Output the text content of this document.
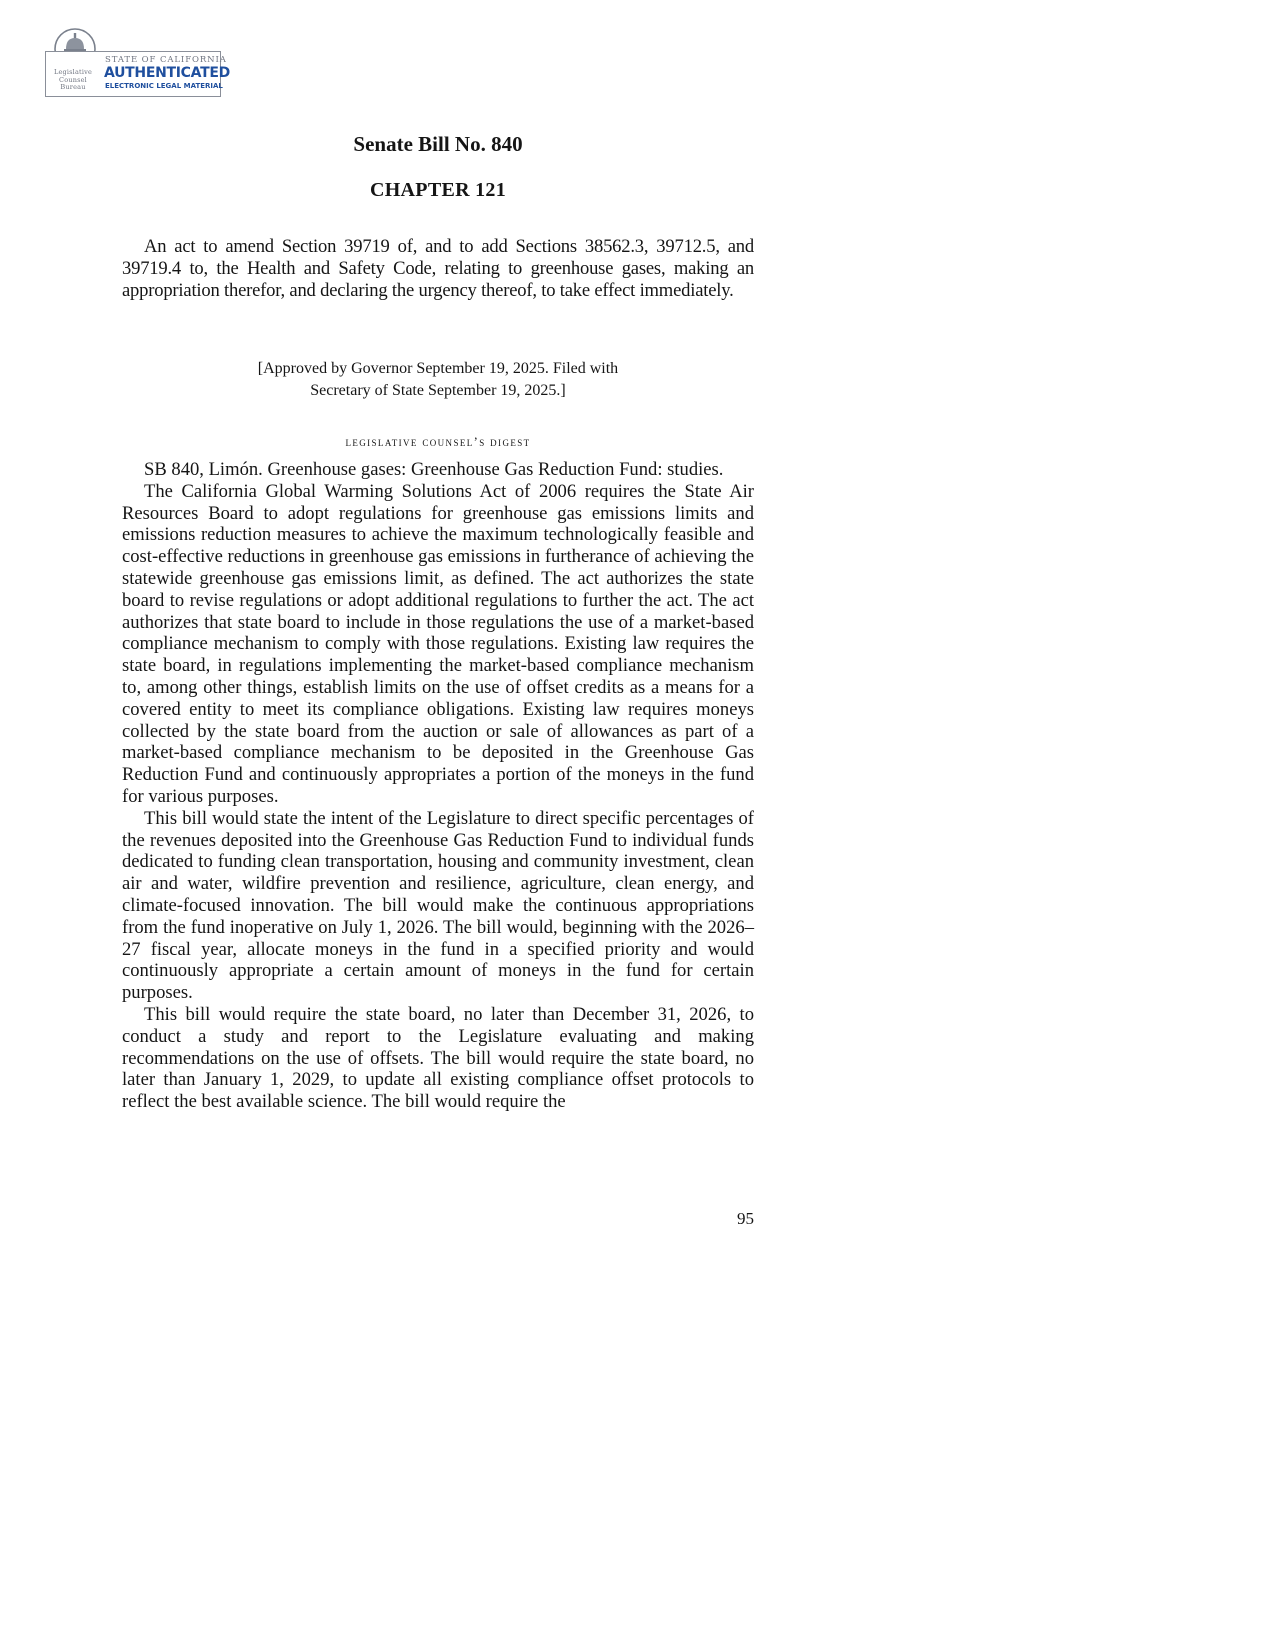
Legislative Counsel Bureau
STATE OF CALIFORNIA
AUTHENTICATED
ELECTRONIC LEGAL MATERIAL
Senate Bill No. 840
CHAPTER 121

An act to amend Section 39719 of, and to add Sections 38562.3, 39712.5, and 39719.4 to, the Health and Safety Code, relating to greenhouse gases, making an appropriation therefor, and declaring the urgency thereof, to take effect immediately.

[Approved by Governor September 19, 2025. Filed with
Secretary of State September 19, 2025.]
legislative counsel’s digest

SB 840, Limón. Greenhouse gases: Greenhouse Gas Reduction Fund: studies.

The California Global Warming Solutions Act of 2006 requires the State Air Resources Board to adopt regulations for greenhouse gas emissions limits and emissions reduction measures to achieve the maximum technologically feasible and cost-effective reductions in greenhouse gas emissions in furtherance of achieving the statewide greenhouse gas emissions limit, as defined. The act authorizes the state board to revise regulations or adopt additional regulations to further the act. The act authorizes that state board to include in those regulations the use of a market-based compliance mechanism to comply with those regulations. Existing law requires the state board, in regulations implementing the market-based compliance mechanism to, among other things, establish limits on the use of offset credits as a means for a covered entity to meet its compliance obligations. Existing law requires moneys collected by the state board from the auction or sale of allowances as part of a market-based compliance mechanism to be deposited in the Greenhouse Gas Reduction Fund and continuously appropriates a portion of the moneys in the fund for various purposes.

This bill would state the intent of the Legislature to direct specific percentages of the revenues deposited into the Greenhouse Gas Reduction Fund to individual funds dedicated to funding clean transportation, housing and community investment, clean air and water, wildfire prevention and resilience, agriculture, clean energy, and climate-focused innovation. The bill would make the continuous appropriations from the fund inoperative on July 1, 2026. The bill would, beginning with the 2026–27 fiscal year, allocate moneys in the fund in a specified priority and would continuously appropriate a certain amount of moneys in the fund for certain purposes.

This bill would require the state board, no later than December 31, 2026, to conduct a study and report to the Legislature evaluating and making recommendations on the use of offsets. The bill would require the state board, no later than January 1, 2029, to update all existing compliance offset protocols to reflect the best available science. The bill would require the

95
